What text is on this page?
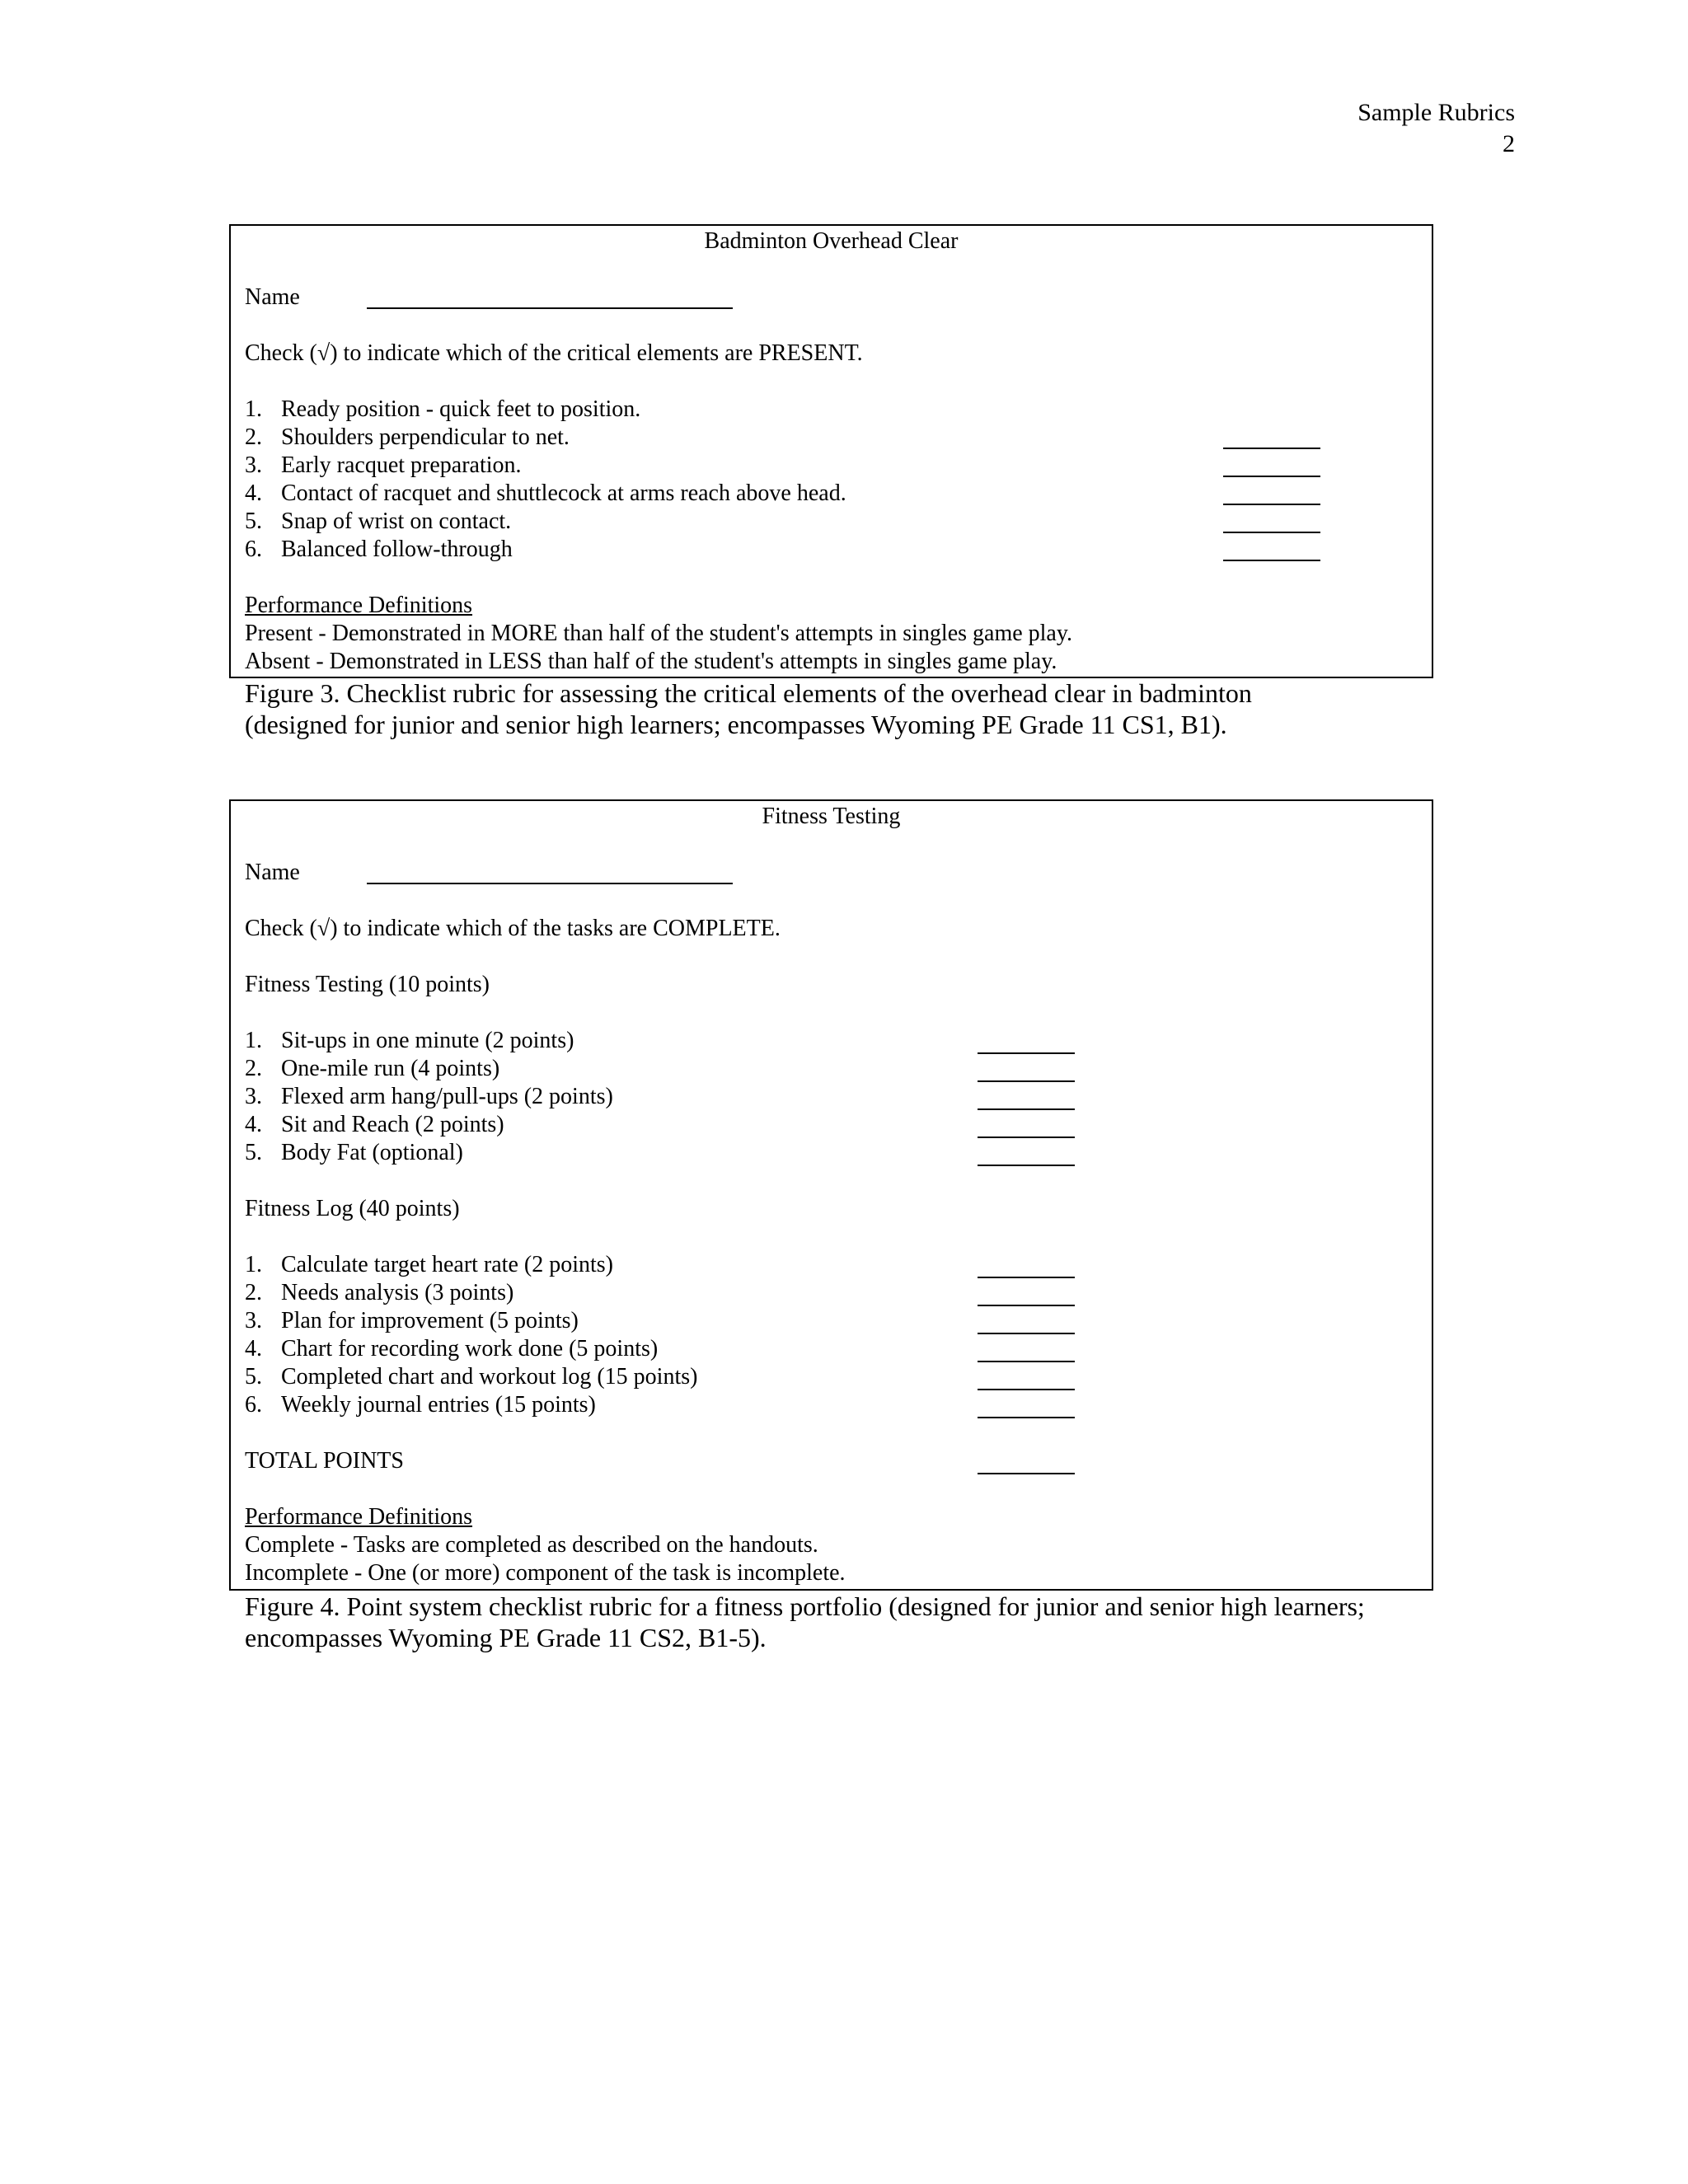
Sample Rubrics
2
Badminton Overhead Clear
Name
Check (√) to indicate which of the critical elements are PRESENT.
1. Ready position - quick feet to position.
2. Shoulders perpendicular to net.
3. Early racquet preparation.
4. Contact of racquet and shuttlecock at arms reach above head.
5. Snap of wrist on contact.
6. Balanced follow-through
Performance Definitions
Present - Demonstrated in MORE than half of the student's attempts in singles game play.
Absent - Demonstrated in LESS than half of the student's attempts in singles game play.
Figure 3. Checklist rubric for assessing the critical elements of the overhead clear in badminton
(designed for junior and senior high learners; encompasses Wyoming PE Grade 11 CS1, B1).
Fitness Testing
Name
Check (√) to indicate which of the tasks are COMPLETE.
Fitness Testing (10 points)
1. Sit-ups in one minute (2 points)
2. One-mile run (4 points)
3. Flexed arm hang/pull-ups (2 points)
4. Sit and Reach (2 points)
5. Body Fat (optional)
Fitness Log (40 points)
1. Calculate target heart rate (2 points)
2. Needs analysis (3 points)
3. Plan for improvement (5 points)
4. Chart for recording work done (5 points)
5. Completed chart and workout log (15 points)
6. Weekly journal entries (15 points)
TOTAL POINTS
Performance Definitions
Complete - Tasks are completed as described on the handouts.
Incomplete - One (or more) component of the task is incomplete.
Figure 4. Point system checklist rubric for a fitness portfolio (designed for junior and senior high learners;
encompasses Wyoming PE Grade 11 CS2, B1-5).
